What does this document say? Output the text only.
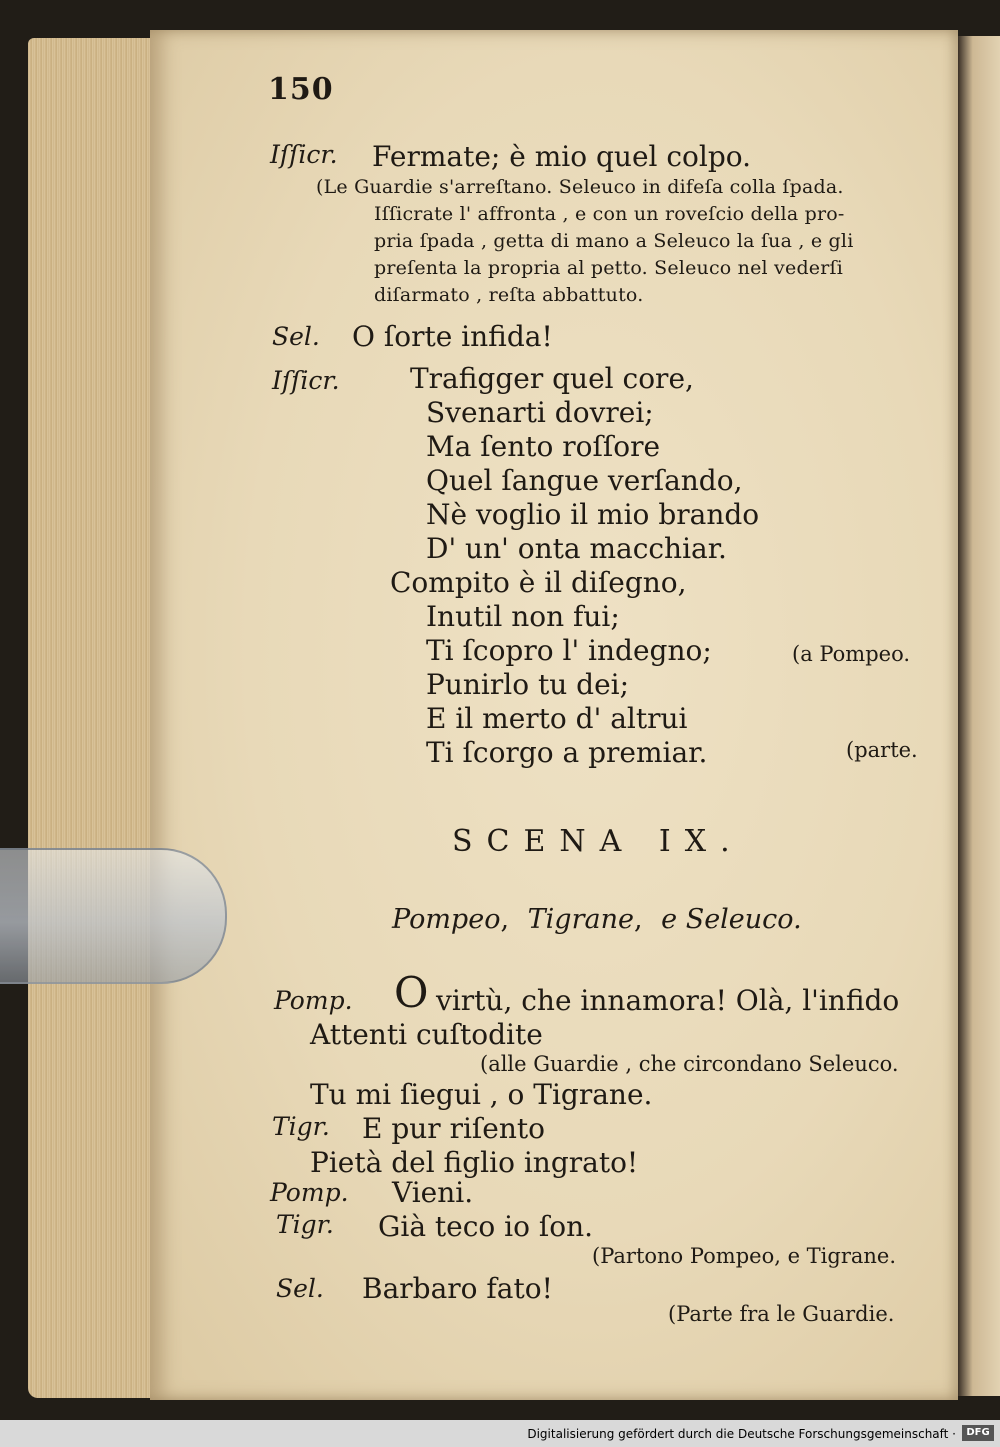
150
Iſſicr. Fermate; è mio quel colpo.
(Le Guardie s'arreſtano. Seleuco in difeſa colla ſpada.
Iſſicrate l' affronta , e con un roveſcio della pro-
pria ſpada , getta di mano a Seleuco la ſua , e gli
preſenta la propria al petto. Seleuco nel vederſi
diſarmato , reſta abbattuto.
Sel. O ſorte infida!
Iſſicr.	Trafigger quel core,
Svenarti dovrei;
Ma ſento roſſore
Quel ſangue verſando,
Nè voglio il mio brando
D' un' onta macchiar.
Compito è il diſegno,
Inutil non fui;
Ti ſcopro l' indegno;	(a Pompeo.
Punirlo tu dei;
E il merto d' altrui
Ti ſcorgo a premiar.	(parte.
SCENA IX.
Pompeo, Tigrane, e Seleuco.
Pomp. O virtù, che innamora! Olà, l'infido
Attenti cuſtodite
(alle Guardie , che circondano Seleuco.
Tu mi ſiegui , o Tigrane.
Tigr. E pur riſento
Pietà del figlio ingrato!
Pomp. Vieni.
Tigr. Già teco io ſon.
(Partono Pompeo, e Tigrane.
Sel. Barbaro fato!
(Parte fra le Guardie.
Digitalisierung gefördert durch die Deutsche Forschungsgemeinschaft ·	DFG
